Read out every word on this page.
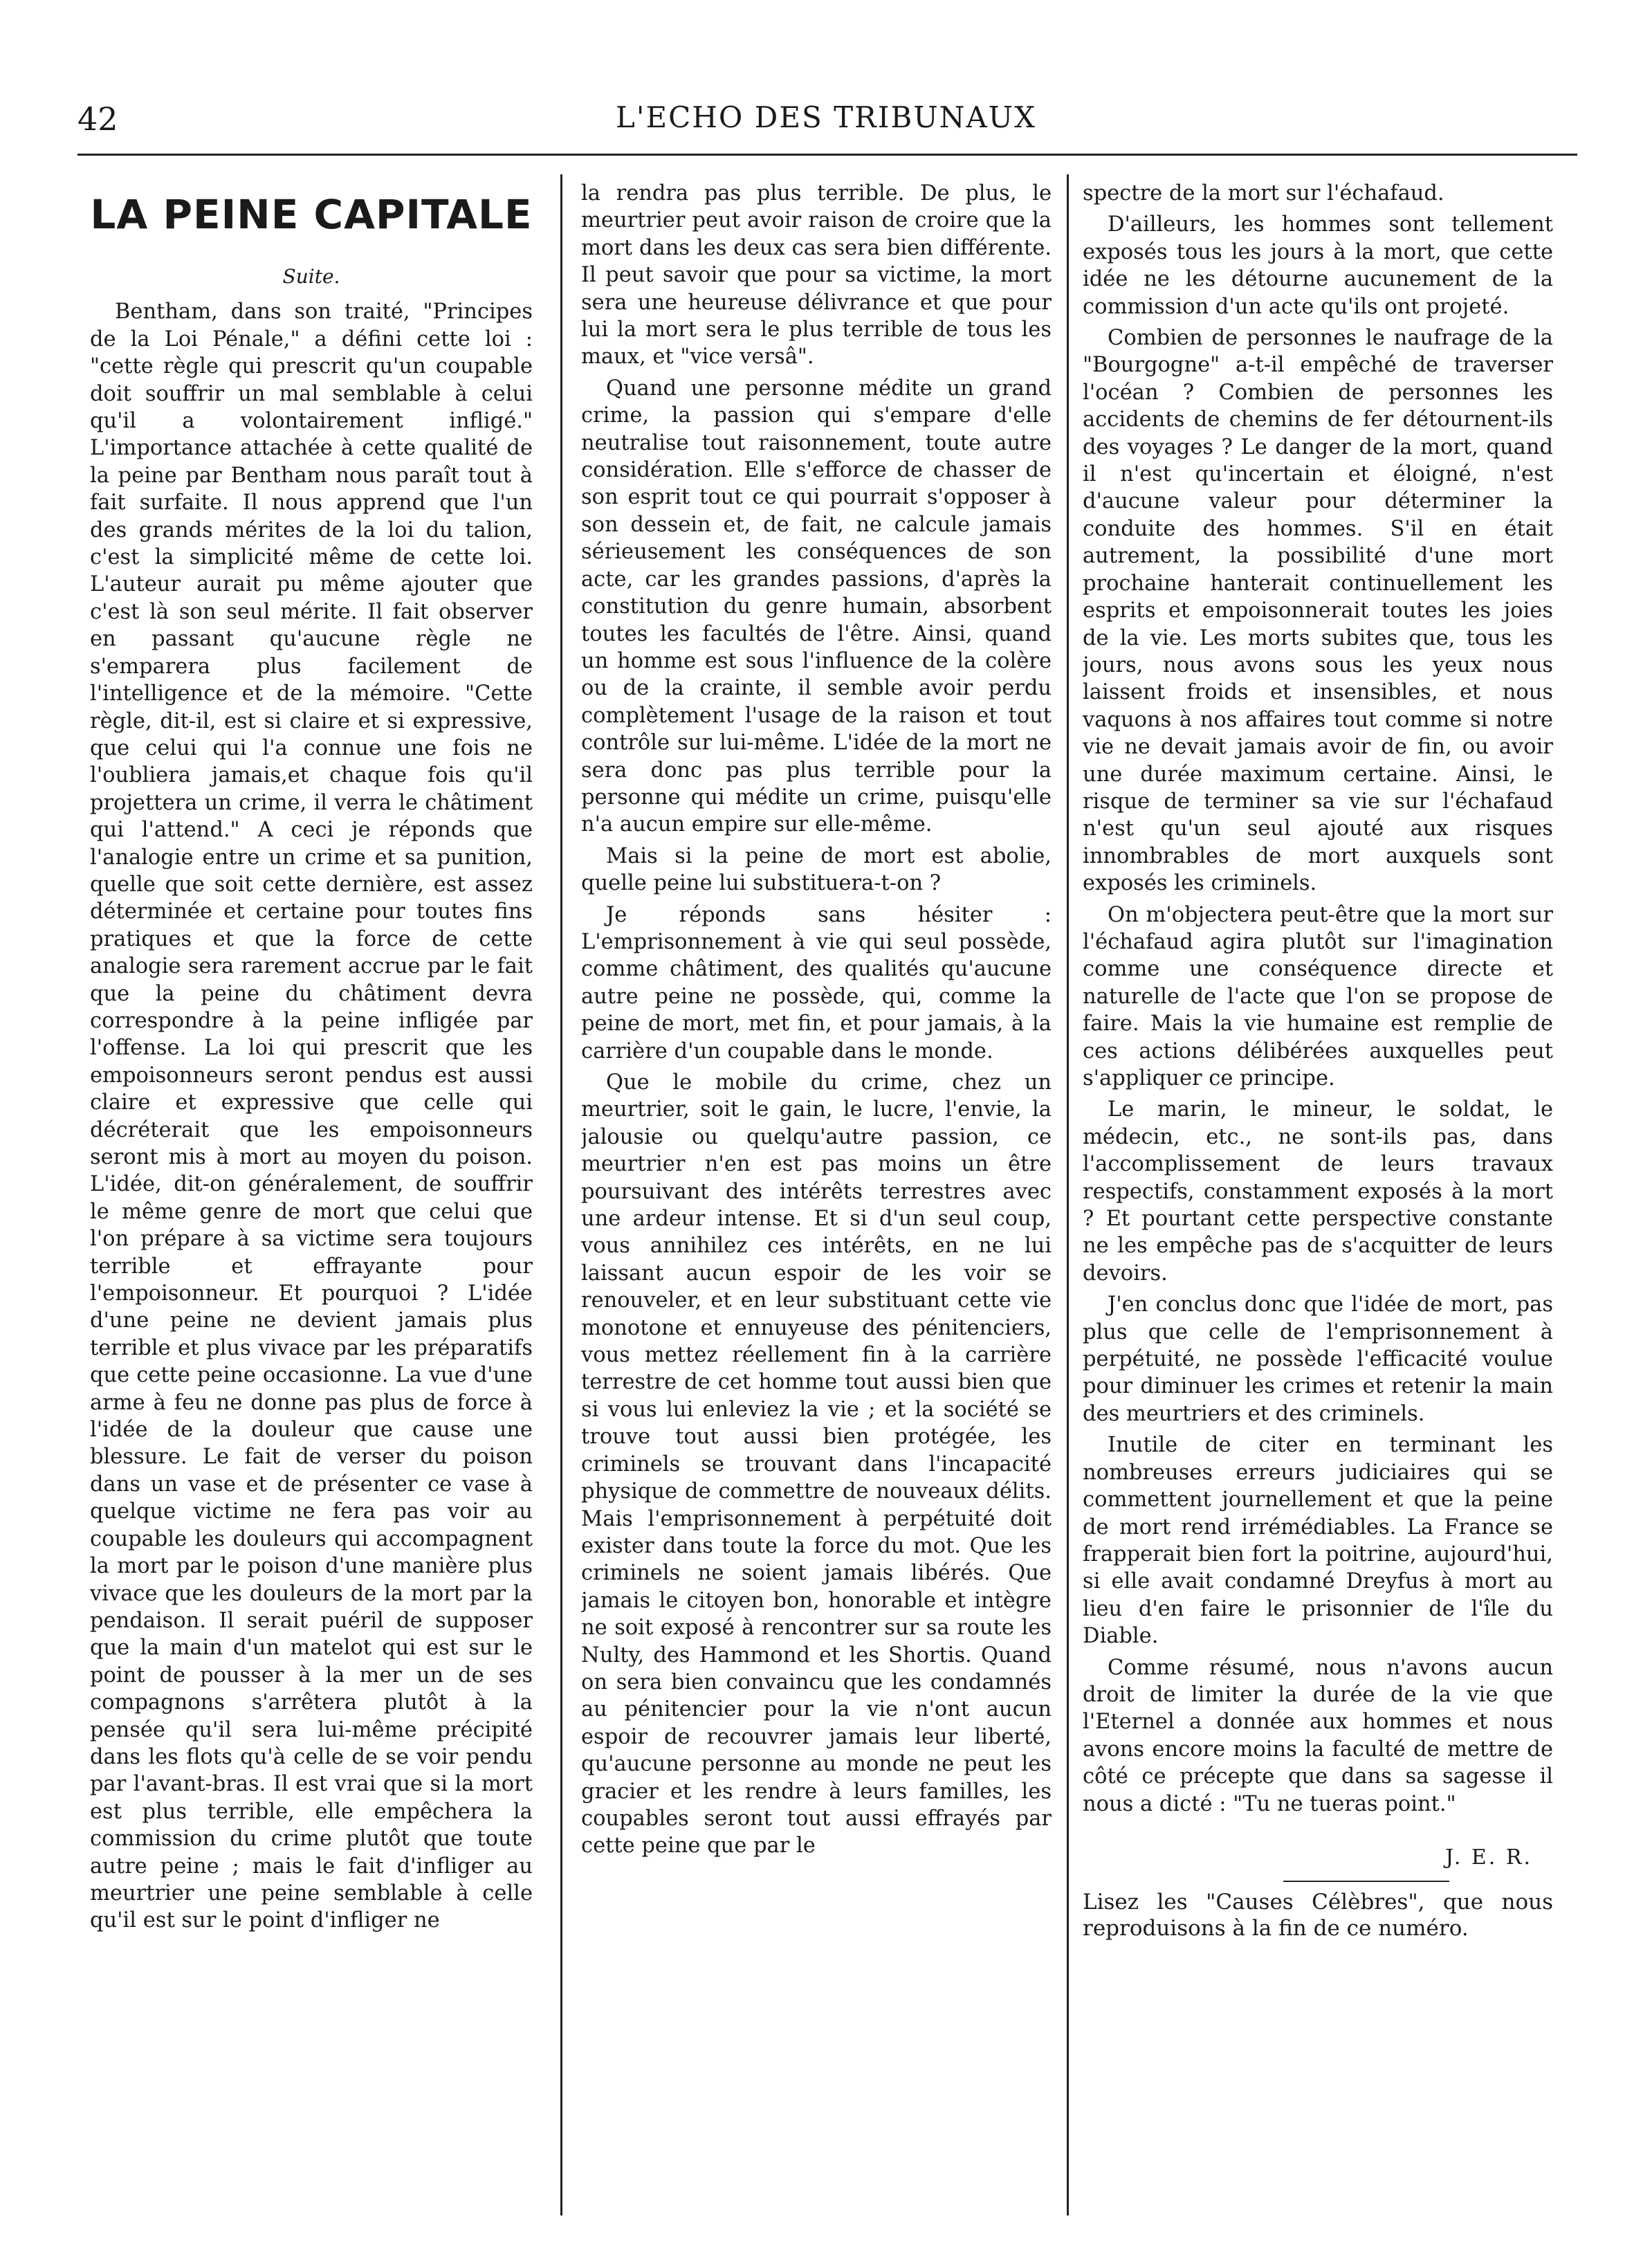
42	L'ECHO DES TRIBUNAUX
LA PEINE CAPITALE
Suite.

Bentham, dans son traité, "Principes de la Loi Pénale," a défini cette loi : "cette règle qui prescrit qu'un coupable doit souffrir un mal semblable à celui qu'il a volontairement infligé." L'importance attachée à cette qualité de la peine par Bentham nous paraît tout à fait surfaite. Il nous apprend que l'un des grands mérites de la loi du talion, c'est la simplicité même de cette loi. L'auteur aurait pu même ajouter que c'est là son seul mérite. Il fait observer en passant qu'aucune règle ne s'emparera plus facilement de l'intelligence et de la mémoire. "Cette règle, dit-il, est si claire et si expressive, que celui qui l'a connue une fois ne l'oubliera jamais,et chaque fois qu'il projettera un crime, il verra le châtiment qui l'attend." A ceci je réponds que l'analogie entre un crime et sa punition, quelle que soit cette dernière, est assez déterminée et certaine pour toutes fins pratiques et que la force de cette analogie sera rarement accrue par le fait que la peine du châtiment devra correspondre à la peine infligée par l'offense. La loi qui prescrit que les empoisonneurs seront pendus est aussi claire et expressive que celle qui décréterait que les empoisonneurs seront mis à mort au moyen du poison. L'idée, dit-on généralement, de souffrir le même genre de mort que celui que l'on prépare à sa victime sera toujours terrible et effrayante pour l'empoisonneur. Et pourquoi ? L'idée d'une peine ne devient jamais plus terrible et plus vivace par les préparatifs que cette peine occasionne. La vue d'une arme à feu ne donne pas plus de force à l'idée de la douleur que cause une blessure. Le fait de verser du poison dans un vase et de présenter ce vase à quelque victime ne fera pas voir au coupable les douleurs qui accompagnent la mort par le poison d'une manière plus vivace que les douleurs de la mort par la pendaison. Il serait puéril de supposer que la main d'un matelot qui est sur le point de pousser à la mer un de ses compagnons s'arrêtera plutôt à la pensée qu'il sera lui-même précipité dans les flots qu'à celle de se voir pendu par l'avant-bras. Il est vrai que si la mort est plus terrible, elle empêchera la commission du crime plutôt que toute autre peine ; mais le fait d'infliger au meurtrier une peine semblable à celle qu'il est sur le point d'infliger ne

la rendra pas plus terrible. De plus, le meurtrier peut avoir raison de croire que la mort dans les deux cas sera bien différente. Il peut savoir que pour sa victime, la mort sera une heureuse délivrance et que pour lui la mort sera le plus terrible de tous les maux, et "vice versâ".

Quand une personne médite un grand crime, la passion qui s'empare d'elle neutralise tout raisonnement, toute autre considération. Elle s'efforce de chasser de son esprit tout ce qui pourrait s'opposer à son dessein et, de fait, ne calcule jamais sérieusement les conséquences de son acte, car les grandes passions, d'après la constitution du genre humain, absorbent toutes les facultés de l'être. Ainsi, quand un homme est sous l'influence de la colère ou de la crainte, il semble avoir perdu complètement l'usage de la raison et tout contrôle sur lui-même. L'idée de la mort ne sera donc pas plus terrible pour la personne qui médite un crime, puisqu'elle n'a aucun empire sur elle-même.

Mais si la peine de mort est abolie, quelle peine lui substituera-t-on ?

Je réponds sans hésiter : L'emprisonnement à vie qui seul possède, comme châtiment, des qualités qu'aucune autre peine ne possède, qui, comme la peine de mort, met fin, et pour jamais, à la carrière d'un coupable dans le monde.

Que le mobile du crime, chez un meurtrier, soit le gain, le lucre, l'envie, la jalousie ou quelqu'autre passion, ce meurtrier n'en est pas moins un être poursuivant des intérêts terrestres avec une ardeur intense. Et si d'un seul coup, vous annihilez ces intérêts, en ne lui laissant aucun espoir de les voir se renouveler, et en leur substituant cette vie monotone et ennuyeuse des pénitenciers, vous mettez réellement fin à la carrière terrestre de cet homme tout aussi bien que si vous lui enleviez la vie ; et la société se trouve tout aussi bien protégée, les criminels se trouvant dans l'incapacité physique de commettre de nouveaux délits. Mais l'emprisonnement à perpétuité doit exister dans toute la force du mot. Que les criminels ne soient jamais libérés. Que jamais le citoyen bon, honorable et intègre ne soit exposé à rencontrer sur sa route les Nulty, des Hammond et les Shortis. Quand on sera bien convaincu que les condamnés au pénitencier pour la vie n'ont aucun espoir de recouvrer jamais leur liberté, qu'aucune personne au monde ne peut les gracier et les rendre à leurs familles, les coupables seront tout aussi effrayés par cette peine que par le

spectre de la mort sur l'échafaud.

D'ailleurs, les hommes sont tellement exposés tous les jours à la mort, que cette idée ne les détourne aucunement de la commission d'un acte qu'ils ont projeté.

Combien de personnes le naufrage de la "Bourgogne" a-t-il empêché de traverser l'océan ? Combien de personnes les accidents de chemins de fer détournent-ils des voyages ? Le danger de la mort, quand il n'est qu'incertain et éloigné, n'est d'aucune valeur pour déterminer la conduite des hommes. S'il en était autrement, la possibilité d'une mort prochaine hanterait continuellement les esprits et empoisonnerait toutes les joies de la vie. Les morts subites que, tous les jours, nous avons sous les yeux nous laissent froids et insensibles, et nous vaquons à nos affaires tout comme si notre vie ne devait jamais avoir de fin, ou avoir une durée maximum certaine. Ainsi, le risque de terminer sa vie sur l'échafaud n'est qu'un seul ajouté aux risques innombrables de mort auxquels sont exposés les criminels.

On m'objectera peut-être que la mort sur l'échafaud agira plutôt sur l'imagination comme une conséquence directe et naturelle de l'acte que l'on se propose de faire. Mais la vie humaine est remplie de ces actions délibérées auxquelles peut s'appliquer ce principe.

Le marin, le mineur, le soldat, le médecin, etc., ne sont-ils pas, dans l'accomplissement de leurs travaux respectifs, constamment exposés à la mort ? Et pourtant cette perspective constante ne les empêche pas de s'acquitter de leurs devoirs.

J'en conclus donc que l'idée de mort, pas plus que celle de l'emprisonnement à perpétuité, ne possède l'efficacité voulue pour diminuer les crimes et retenir la main des meurtriers et des criminels.

Inutile de citer en terminant les nombreuses erreurs judiciaires qui se commettent journellement et que la peine de mort rend irrémédiables. La France se frapperait bien fort la poitrine, aujourd'hui, si elle avait condamné Dreyfus à mort au lieu d'en faire le prisonnier de l'île du Diable.

Comme résumé, nous n'avons aucun droit de limiter la durée de la vie que l'Eternel a donnée aux hommes et nous avons encore moins la faculté de mettre de côté ce précepte que dans sa sagesse il nous a dicté : "Tu ne tueras point."

J. E. R.
Lisez les "Causes Célèbres", que nous reproduisons à la fin de ce numéro.
